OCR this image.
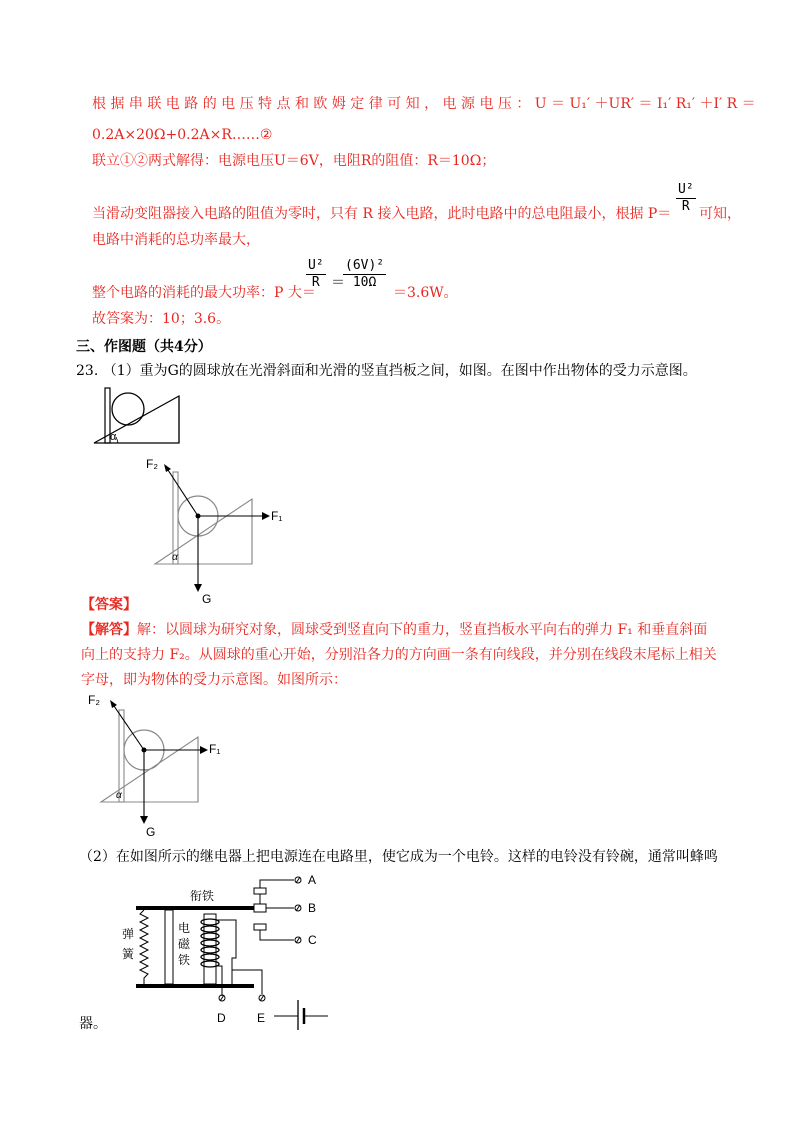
根 据 串 联 电 路 的 电 压 特 点 和 欧 姆 定 律 可 知 ， 电 源 电 压 ： U ＝ U₁′ ＋UR′ ＝ I₁′ R₁′ ＋I′ R ＝
0.2A×20Ω+0.2A×R……②
联立①②两式解得：电源电压U＝6V，电阻R的阻值：R＝10Ω；
当滑动变阻器接入电路的阻值为零时，只有 R 接入电路，此时电路中的总电阻最小，根据 $P= \frac{\text{U²}}{R}$ 可知，
电路中消耗的总功率最大，
整个电路的消耗的最大功率：P 大＝
$\frac{\text{U²}}{R}$ ＝
$\frac{\text{(6V)²}}{10\Omega}$
＝3.6W。
故答案为：10；3.6。
三、作图题（共4分）
23. （1）重为G的圆球放在光滑斜面和光滑的竖直挡板之间，如图。在图中作出物体的受力示意图。
α
α
F₁
F₂
G
【答案】
【解答】解：以圆球为研究对象，圆球受到竖直向下的重力，竖直挡板水平向右的弹力 F₁ 和垂直斜面
向上的支持力 F₂。从圆球的重心开始，分别沿各力的方向画一条有向线段，并分别在线段末尾标上相关
字母，即为物体的受力示意图。如图所示：
α
F₁
F₂
G
（2）在如图所示的继电器上把电源连在电路里，使它成为一个电铃。这样的电铃没有铃碗，通常叫蜂鸣
衔铁
弹
簧
电
磁
铁
A
B
C
D	E
器。
